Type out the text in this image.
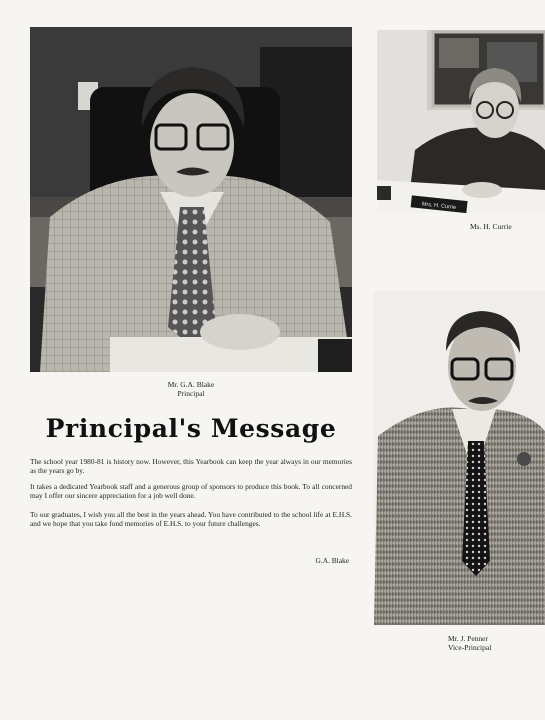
Mr. G.A. Blake
Principal
Mrs. H. Currie
Ms. H. Currie
Mr. J. Penner
Vice-Principal
Principal's Message

The school year 1980-81 is history now. However, this Yearbook can keep the year always in our memories as the years go by.

It takes a dedicated Yearbook staff and a generous group of sponsors to produce this book. To all concerned may I offer our sincere appreciation for a job well done.

To our graduates, I wish you all the best in the years ahead. You have contributed to the school life at E.H.S. and we hope that you take fond memories of E.H.S. to your future challenges.

G.A. Blake
